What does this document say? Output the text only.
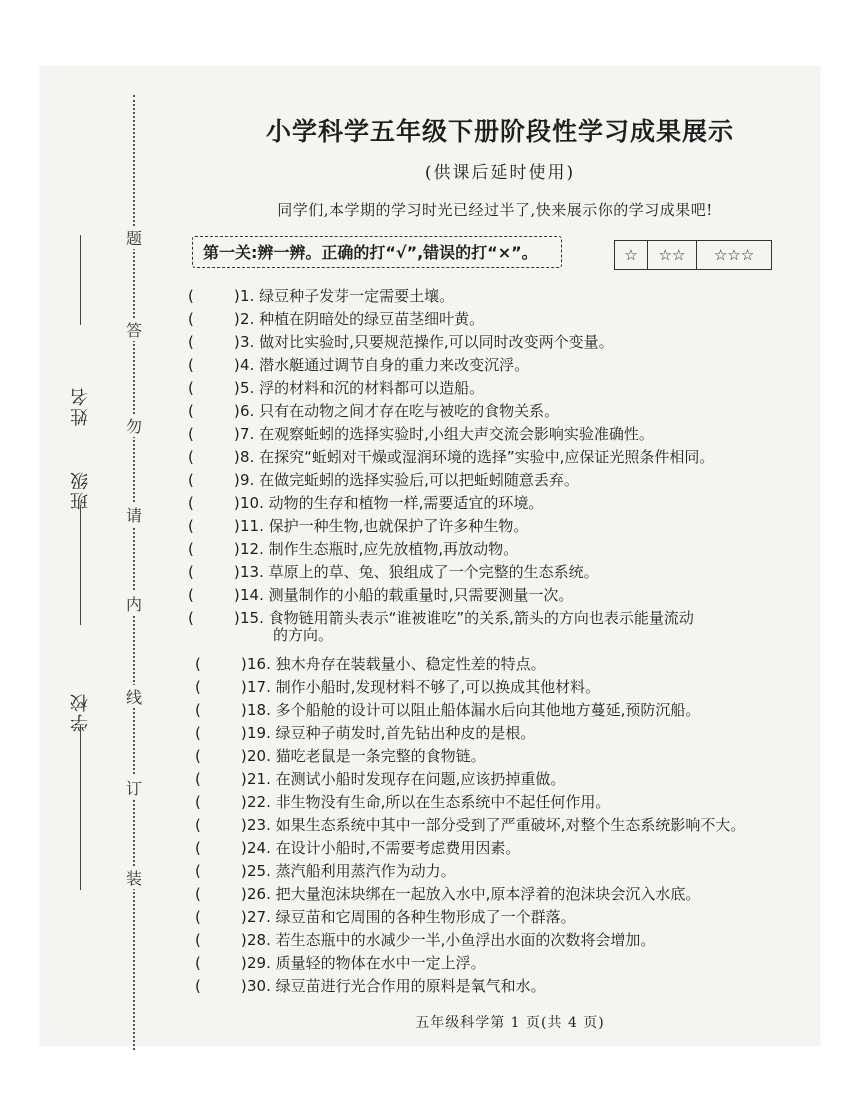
题
答
勿
请
内
线
订
装
姓名
班级
学校
小学科学五年级下册阶段性学习成果展示
(供课后延时使用)
同学们,本学期的学习时光已经过半了,快来展示你的学习成果吧!
第一关:辨一辨。正确的打“√”,错误的打“×”。	☆	☆☆	☆☆☆
(	)1. 绿豆种子发芽一定需要土壤。
(	)2. 种植在阴暗处的绿豆苗茎细叶黄。
(	)3. 做对比实验时,只要规范操作,可以同时改变两个变量。
(	)4. 潜水艇通过调节自身的重力来改变沉浮。
(	)5. 浮的材料和沉的材料都可以造船。
(	)6. 只有在动物之间才存在吃与被吃的食物关系。
(	)7. 在观察蚯蚓的选择实验时,小组大声交流会影响实验准确性。
(	)8. 在探究“蚯蚓对干燥或湿润环境的选择”实验中,应保证光照条件相同。
(	)9. 在做完蚯蚓的选择实验后,可以把蚯蚓随意丢弃。
(	)10. 动物的生存和植物一样,需要适宜的环境。
(	)11. 保护一种生物,也就保护了许多种生物。
(	)12. 制作生态瓶时,应先放植物,再放动物。
(	)13. 草原上的草、兔、狼组成了一个完整的生态系统。
(	)14. 测量制作的小船的载重量时,只需要测量一次。
(	)15. 食物链用箭头表示“谁被谁吃”的关系,箭头的方向也表示能量流动
(	)16. 独木舟存在装载量小、稳定性差的特点。
(	)17. 制作小船时,发现材料不够了,可以换成其他材料。
(	)18. 多个船舱的设计可以阻止船体漏水后向其他地方蔓延,预防沉船。
(	)19. 绿豆种子萌发时,首先钻出种皮的是根。
(	)20. 猫吃老鼠是一条完整的食物链。
(	)21. 在测试小船时发现存在问题,应该扔掉重做。
(	)22. 非生物没有生命,所以在生态系统中不起任何作用。
(	)23. 如果生态系统中其中一部分受到了严重破坏,对整个生态系统影响不大。
(	)24. 在设计小船时,不需要考虑费用因素。
(	)25. 蒸汽船利用蒸汽作为动力。
(	)26. 把大量泡沫块绑在一起放入水中,原本浮着的泡沫块会沉入水底。
(	)27. 绿豆苗和它周围的各种生物形成了一个群落。
(	)28. 若生态瓶中的水减少一半,小鱼浮出水面的次数将会增加。
(	)29. 质量轻的物体在水中一定上浮。
(	)30. 绿豆苗进行光合作用的原料是氧气和水。
的方向。
五年级科学第 1 页(共 4 页)
